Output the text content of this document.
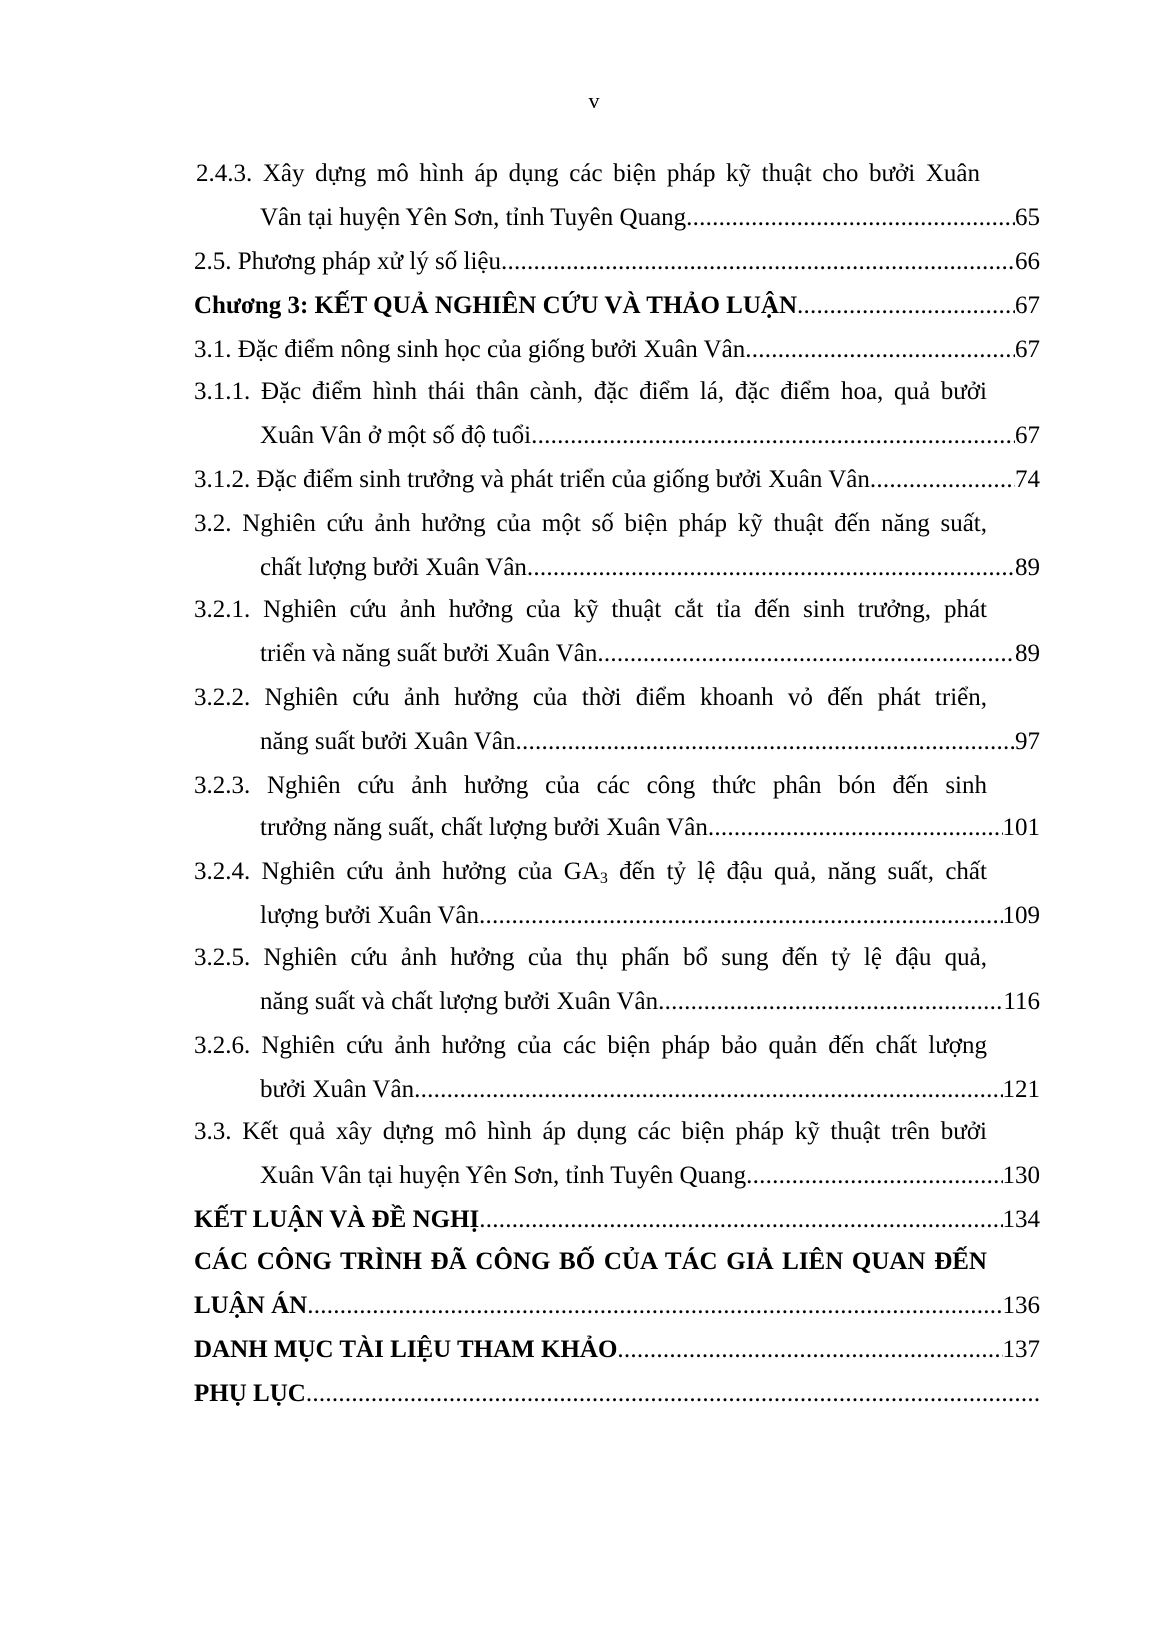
v
2.4.3. Xây dựng mô hình áp dụng các biện pháp kỹ thuật cho bưởi Xuân
Vân tại huyện Yên Sơn, tỉnh Tuyên Quang . . .	65
2.5. Phương pháp xử lý số liệu . . .	66
Chương 3: KẾT QUẢ NGHIÊN CỨU VÀ THẢO LUẬN . . .	67
3.1. Đặc điểm nông sinh học của giống bưởi Xuân Vân . . .	67
3.1.1. Đặc điểm hình thái thân cành, đặc điểm lá, đặc điểm hoa, quả bưởi
Xuân Vân ở một số độ tuổi . . .	67
3.1.2. Đặc điểm sinh trưởng và phát triển của giống bưởi Xuân Vân . . .	74
3.2. Nghiên cứu ảnh hưởng của một số biện pháp kỹ thuật đến năng suất,
chất lượng bưởi Xuân Vân . . .	89
3.2.1. Nghiên cứu ảnh hưởng của kỹ thuật cắt tỉa đến sinh trưởng, phát
triển và năng suất bưởi Xuân Vân . . .	89
3.2.2. Nghiên cứu ảnh hưởng của thời điểm khoanh vỏ đến phát triển,
năng suất bưởi Xuân Vân . . .	97
3.2.3. Nghiên cứu ảnh hưởng của các công thức phân bón đến sinh
trưởng năng suất, chất lượng bưởi Xuân Vân . . .	101
3.2.4. Nghiên cứu ảnh hưởng của $GA_3$ đến tỷ lệ đậu quả, năng suất, chất
lượng bưởi Xuân Vân . . .	109
3.2.5. Nghiên cứu ảnh hưởng của thụ phấn bổ sung đến tỷ lệ đậu quả,
năng suất và chất lượng bưởi Xuân Vân . . .	116
3.2.6. Nghiên cứu ảnh hưởng của các biện pháp bảo quản đến chất lượng
bưởi Xuân Vân . . .	121
3.3. Kết quả xây dựng mô hình áp dụng các biện pháp kỹ thuật trên bưởi
Xuân Vân tại huyện Yên Sơn, tỉnh Tuyên Quang . . .	130
KẾT LUẬN VÀ ĐỀ NGHỊ . . .	134
CÁC CÔNG TRÌNH ĐÃ CÔNG BỐ CỦA TÁC GIẢ LIÊN QUAN ĐẾN
LUẬN ÁN . . .	136
DANH MỤC TÀI LIỆU THAM KHẢO . . .	137
PHỤ LỤC
. . .
